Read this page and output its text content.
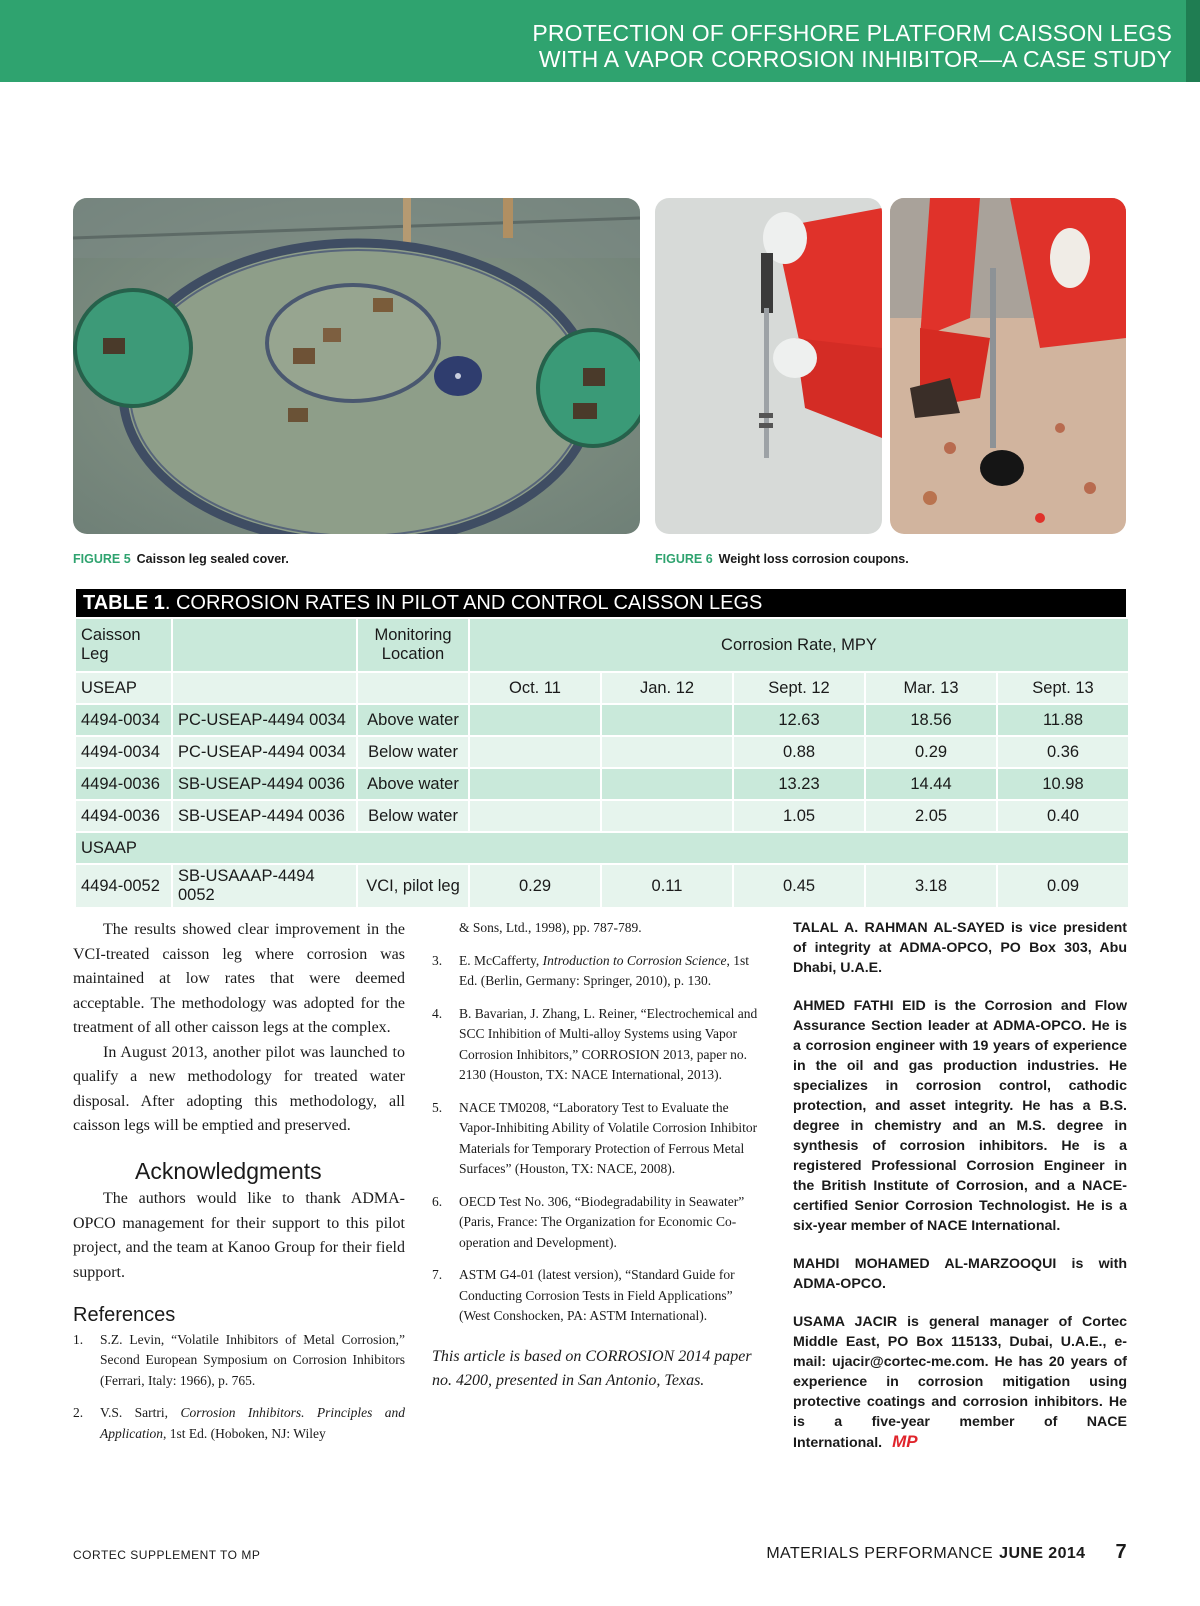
PROTECTION OF OFFSHORE PLATFORM CAISSON LEGS
WITH A VAPOR CORROSION INHIBITOR—A CASE STUDY
FIGURE 5 Caisson leg sealed cover.	FIGURE 6 Weight loss corrosion coupons.
TABLE 1. CORROSION RATES IN PILOT AND CONTROL CAISSON LEGS
Caisson Leg		Monitoring Location	Corrosion Rate, MPY				
USEAP			Oct. 11	Jan. 12	Sept. 12	Mar. 13	Sept. 13
4494-0034	PC-USEAP-4494 0034	Above water			12.63	18.56	11.88
4494-0034	PC-USEAP-4494 0034	Below water			0.88	0.29	0.36
4494-0036	SB-USEAP-4494 0036	Above water			13.23	14.44	10.98
4494-0036	SB-USEAP-4494 0036	Below water			1.05	2.05	0.40
USAAP							
4494-0052	SB-USAAAP-4494 0052	VCI, pilot leg	0.29	0.11	0.45	3.18	0.09

The results showed clear improvement in the VCI-treated caisson leg where corrosion was maintained at low rates that were deemed acceptable. The methodology was adopted for the treatment of all other caisson legs at the complex.

In August 2013, another pilot was launched to qualify a new methodology for treated water disposal. After adopting this methodology, all caisson legs will be emptied and preserved.

Acknowledgments

The authors would like to thank ADMA-OPCO management for their support to this pilot project, and the team at Kanoo Group for their field support.

References
1.	S.Z. Levin, “Volatile Inhibitors of Metal Corrosion,” Second European Symposium on Corrosion Inhibitors (Ferrari, Italy: 1966), p. 765.
2.	V.S. Sartri, Corrosion Inhibitors. Principles and Application, 1st Ed. (Hoboken, NJ: Wiley
& Sons, Ltd., 1998), pp. 787-789.
3.	E. McCafferty, Introduction to Corrosion Science, 1st Ed. (Berlin, Germany: Springer, 2010), p. 130.
4.	B. Bavarian, J. Zhang, L. Reiner, “Electrochemical and SCC Inhibition of Multi-alloy Systems using Vapor Corrosion Inhibitors,” CORROSION 2013, paper no. 2130 (Houston, TX: NACE International, 2013).
5.	NACE TM0208, “Laboratory Test to Evaluate the Vapor-Inhibiting Ability of Volatile Corrosion Inhibitor Materials for Temporary Protection of Ferrous Metal Surfaces” (Houston, TX: NACE, 2008).
6.	OECD Test No. 306, “Biodegradability in Seawater” (Paris, France: The Organization for Economic Co-operation and Development).
7.	ASTM G4-01 (latest version), “Standard Guide for Conducting Corrosion Tests in Field Applications” (West Conshocken, PA: ASTM International).
This article is based on CORROSION 2014 paper no. 4200, presented in San Antonio, Texas.

TALAL A. RAHMAN AL-SAYED is vice president of integrity at ADMA-OPCO, PO Box 303, Abu Dhabi, U.A.E.

AHMED FATHI EID is the Corrosion and Flow Assurance Section leader at ADMA-OPCO. He is a corrosion engineer with 19 years of experience in the oil and gas production industries. He specializes in corrosion control, cathodic protection, and asset integrity. He has a B.S. degree in chemistry and an M.S. degree in synthesis of corrosion inhibitors. He is a registered Professional Corrosion Engineer in the British Institute of Corrosion, and a NACE-certified Senior Corrosion Technologist. He is a six-year member of NACE International.

MAHDI MOHAMED AL-MARZOOQUI is with ADMA-OPCO.

USAMA JACIR is general manager of Cortec Middle East, PO Box 115133, Dubai, U.A.E., e-mail: ujacir@cortec-me.com. He has 20 years of experience in corrosion mitigation using protective coatings and corrosion inhibitors. He is a five-year member of NACE International. MP

CORTEC SUPPLEMENT TO MP	MATERIALS PERFORMANCE JUNE 2014 7
